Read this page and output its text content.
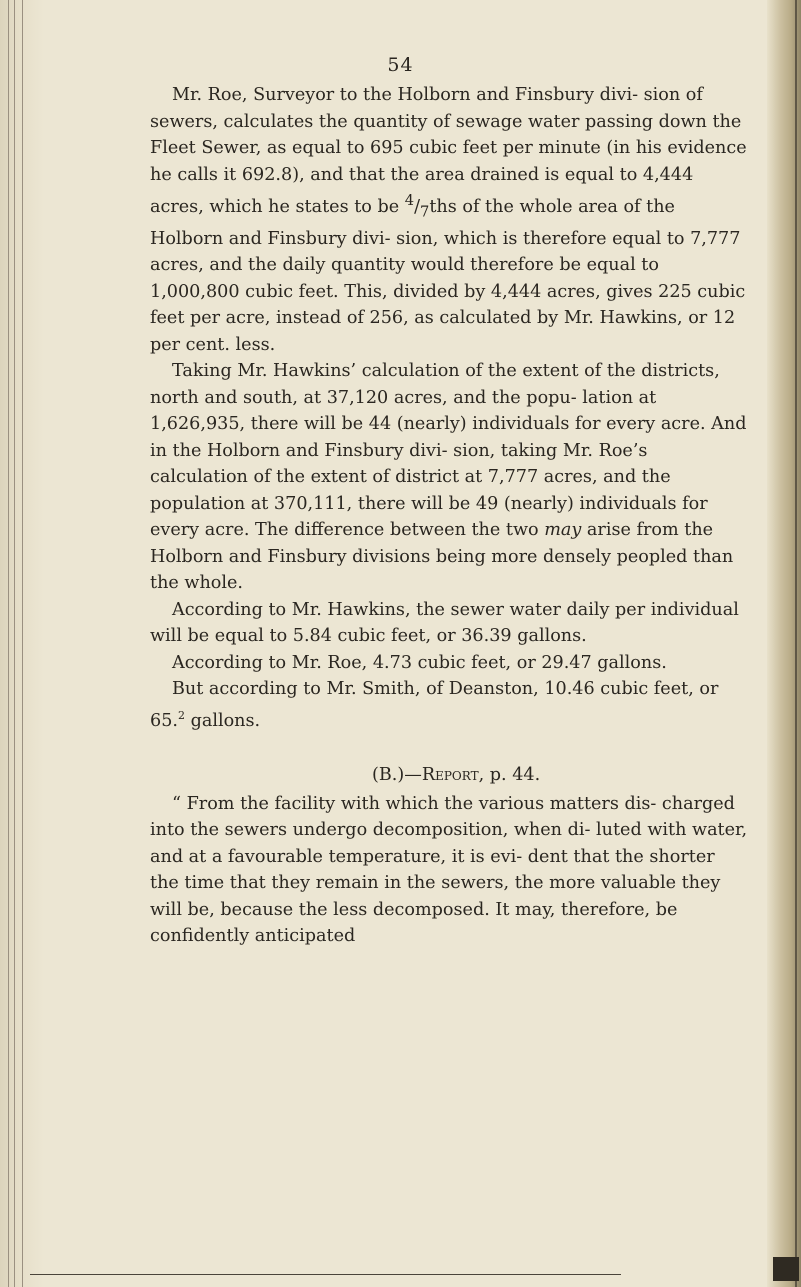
54

Mr. Roe, Surveyor to the Holborn and Finsbury divi- sion of sewers, calculates the quantity of sewage water passing down the Fleet Sewer, as equal to 695 cubic feet per minute (in his evidence he calls it 692.8), and that the area drained is equal to 4,444 acres, which he states to be $^4/_7ths$ of the whole area of the Holborn and Finsbury divi- sion, which is therefore equal to 7,777 acres, and the daily quantity would therefore be equal to 1,000,800 cubic feet. This, divided by 4,444 acres, gives 225 cubic feet per acre, instead of 256, as calculated by Mr. Hawkins, or 12 per cent. less.

Taking Mr. Hawkins’ calculation of the extent of the districts, north and south, at 37,120 acres, and the popu- lation at 1,626,935, there will be 44 (nearly) individuals for every acre. And in the Holborn and Finsbury divi- sion, taking Mr. Roe’s calculation of the extent of district at 7,777 acres, and the population at 370,111, there will be 49 (nearly) individuals for every acre. The difference between the two may arise from the Holborn and Finsbury divisions being more densely peopled than the whole.

According to Mr. Hawkins, the sewer water daily per individual will be equal to 5.84 cubic feet, or 36.39 gallons.

According to Mr. Roe, 4.73 cubic feet, or 29.47 gallons.

But according to Mr. Smith, of Deanston, 10.46 cubic feet, or 65.$^2$ gallons.

(B.)—Report, p. 44.

“ From the facility with which the various matters dis- charged into the sewers undergo decomposition, when di- luted with water, and at a favourable temperature, it is evi- dent that the shorter the time that they remain in the sewers, the more valuable they will be, because the less decomposed. It may, therefore, be confidently anticipated
